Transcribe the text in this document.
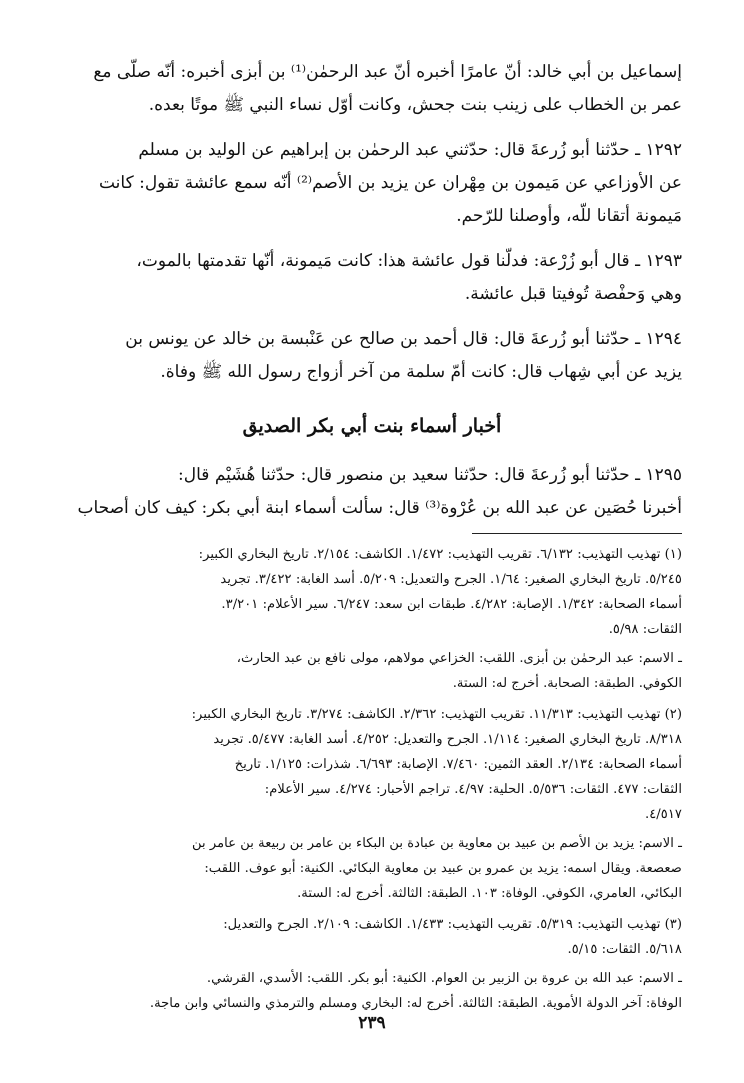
إسماعيل بن أبي خالد: أنّ عامرًا أخبره أنّ عبد الرحمٰن⁽¹⁾ بن أبزى أخبره: أنّه صلّى مع

عمر بن الخطاب على زينب بنت جحش، وكانت أوّل نساء النبي ﷺ موتًا بعده.

١٢٩٢ ـ حدّثنا أبو زُرعةَ قال: حدّثني عبد الرحمٰن بن إبراهيم عن الوليد بن مسلم

عن الأوزاعي عن مَيمون بن مِهْران عن يزيد بن الأصم⁽²⁾ أنّه سمع عائشة تقول: كانت

مَيمونة أتقانا للّه، وأوصلنا للرّحم.

١٢٩٣ ـ قال أبو زُرْعة: فدلّنا قول عائشة هذا: كانت مَيمونة، أنّها تقدمتها بالموت،

وهي وَحفْصة تُوفيتا قبل عائشة.

١٢٩٤ ـ حدّثنا أبو زُرعةَ قال: قال أحمد بن صالح عن عَنْبسة بن خالد عن يونس بن

يزيد عن أبي شِهاب قال: كانت أمّ سلمة من آخر أزواج رسول الله ﷺ وفاة.

أخبار أسماء بنت أبي بكر الصديق

١٢٩٥ ـ حدّثنا أبو زُرعةَ قال: حدّثنا سعيد بن منصور قال: حدّثنا هُشَيْم قال:

أخبرنا حُصَين عن عبد الله بن عُرْوة⁽³⁾ قال: سألت أسماء ابنة أبي بكر: كيف كان أصحاب

(١) تهذيب التهذيب: ٦/١٣٢. تقريب التهذيب: ١/٤٧٢. الكاشف: ٢/١٥٤. تاريخ البخاري الكبير:

٥/٢٤٥. تاريخ البخاري الصغير: ١/٦٤. الجرح والتعديل: ٥/٢٠٩. أسد الغابة: ٣/٤٢٢. تجريد

أسماء الصحابة: ١/٣٤٢. الإصابة: ٤/٢٨٢. طبقات ابن سعد: ٦/٢٤٧. سير الأعلام: ٣/٢٠١.

الثقات: ٥/٩٨.

ـ الاسم: عبد الرحمٰن بن أبزى. اللقب: الخزاعي مولاهم، مولى نافع بن عبد الحارث،

الكوفي. الطبقة: الصحابة. أخرج له: الستة.

(٢) تهذيب التهذيب: ١١/٣١٣. تقريب التهذيب: ٢/٣٦٢. الكاشف: ٣/٢٧٤. تاريخ البخاري الكبير:

٨/٣١٨. تاريخ البخاري الصغير: ١/١١٤. الجرح والتعديل: ٤/٢٥٢. أسد الغابة: ٥/٤٧٧. تجريد

أسماء الصحابة: ٢/١٣٤. العقد الثمين: ٧/٤٦٠. الإصابة: ٦/٦٩٣. شذرات: ١/١٢٥. تاريخ

الثقات: ٤٧٧. الثقات: ٥/٥٣٦. الحلية: ٤/٩٧. تراجم الأحبار: ٤/٢٧٤. سير الأعلام:

٤/٥١٧.

ـ الاسم: يزيد بن الأصم بن عبيد بن معاوية بن عبادة بن البكاء بن عامر بن ربيعة بن عامر بن

صعصعة. ويقال اسمه: يزيد بن عمرو بن عبيد بن معاوية البكائي. الكنية: أبو عوف. اللقب:

البكائي، العامري، الكوفي. الوفاة: ١٠٣. الطبقة: الثالثة. أخرج له: الستة.

(٣) تهذيب التهذيب: ٥/٣١٩. تقريب التهذيب: ١/٤٣٣. الكاشف: ٢/١٠٩. الجرح والتعديل:

٥/٦١٨. الثقات: ٥/١٥.

ـ الاسم: عبد الله بن عروة بن الزبير بن العوام. الكنية: أبو بكر. اللقب: الأسدي، القرشي.

الوفاة: آخر الدولة الأموية. الطبقة: الثالثة. أخرج له: البخاري ومسلم والترمذي والنسائي وابن ماجة.

٢٣٩
